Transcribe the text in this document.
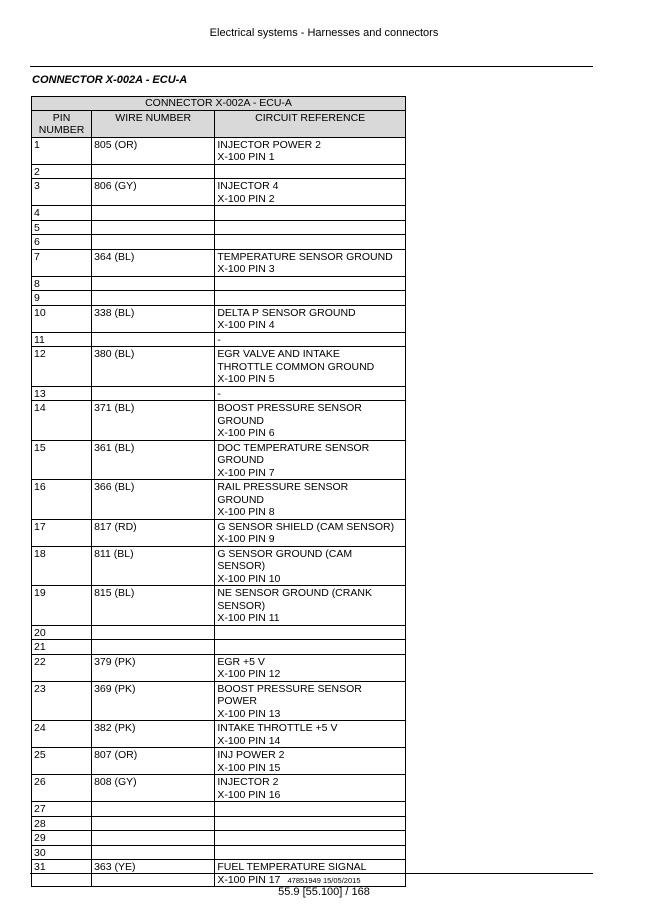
Electrical systems - Harnesses and connectors
CONNECTOR X-002A - ECU-A
CONNECTOR X-002A - ECU-A		
PIN NUMBER	WIRE NUMBER	CIRCUIT REFERENCE
1	805 (OR)	INJECTOR POWER 2
X-100 PIN 1

2		
3	806 (GY)	INJECTOR 4
X-100 PIN 2

4		
5		
6		
7	364 (BL)	TEMPERATURE SENSOR GROUND
X-100 PIN 3

8		
9		
10	338 (BL)	DELTA P SENSOR GROUND
X-100 PIN 4

11		-

12	380 (BL)	EGR VALVE AND INTAKE
THROTTLE COMMON GROUND
X-100 PIN 5

13		-

14	371 (BL)	BOOST PRESSURE SENSOR
GROUND
X-100 PIN 6

15	361 (BL)	DOC TEMPERATURE SENSOR
GROUND
X-100 PIN 7

16	366 (BL)	RAIL PRESSURE SENSOR
GROUND
X-100 PIN 8

17	817 (RD)	G SENSOR SHIELD (CAM SENSOR)
X-100 PIN 9

18	811 (BL)	G SENSOR GROUND (CAM
SENSOR)
X-100 PIN 10

19	815 (BL)	NE SENSOR GROUND (CRANK
SENSOR)
X-100 PIN 11

20		
21		
22	379 (PK)	EGR +5 V
X-100 PIN 12

23	369 (PK)	BOOST PRESSURE SENSOR
POWER
X-100 PIN 13

24	382 (PK)	INTAKE THROTTLE +5 V
X-100 PIN 14

25	807 (OR)	INJ POWER 2
X-100 PIN 15

26	808 (GY)	INJECTOR 2
X-100 PIN 16

27		
28		
29		
30		
31	363 (YE)	FUEL TEMPERATURE SIGNAL
X-100 PIN 17 47851949 15/05/2015
55.9 [55.100] / 168
